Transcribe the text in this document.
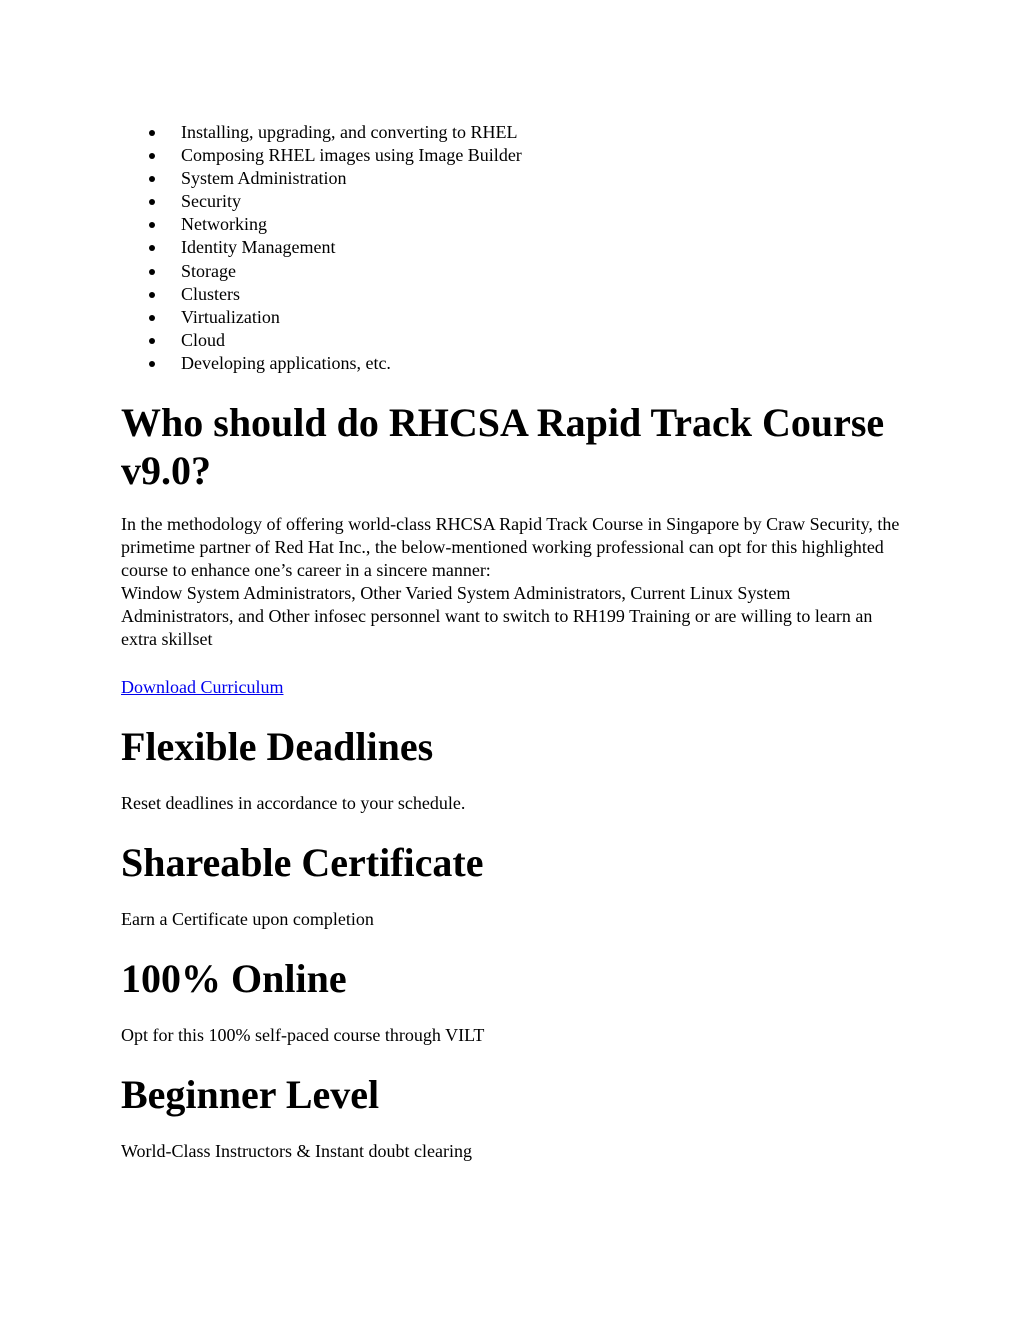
Installing, upgrading, and converting to RHEL
Composing RHEL images using Image Builder
System Administration
Security
Networking
Identity Management
Storage
Clusters
Virtualization
Cloud
Developing applications, etc.
Who should do RHCSA Rapid Track Course v9.0?

In the methodology of offering world-class RHCSA Rapid Track Course in Singapore by Craw Security, the primetime partner of Red Hat Inc., the below-mentioned working professional can opt for this highlighted course to enhance one’s career in a sincere manner:

Window System Administrators, Other Varied System Administrators, Current Linux System Administrators, and Other infosec personnel want to switch to RH199 Training or are willing to learn an extra skillset

Download Curriculum
Flexible Deadlines

Reset deadlines in accordance to your schedule.

Shareable Certificate

Earn a Certificate upon completion

100% Online

Opt for this 100% self-paced course through VILT

Beginner Level

World-Class Instructors & Instant doubt clearing
